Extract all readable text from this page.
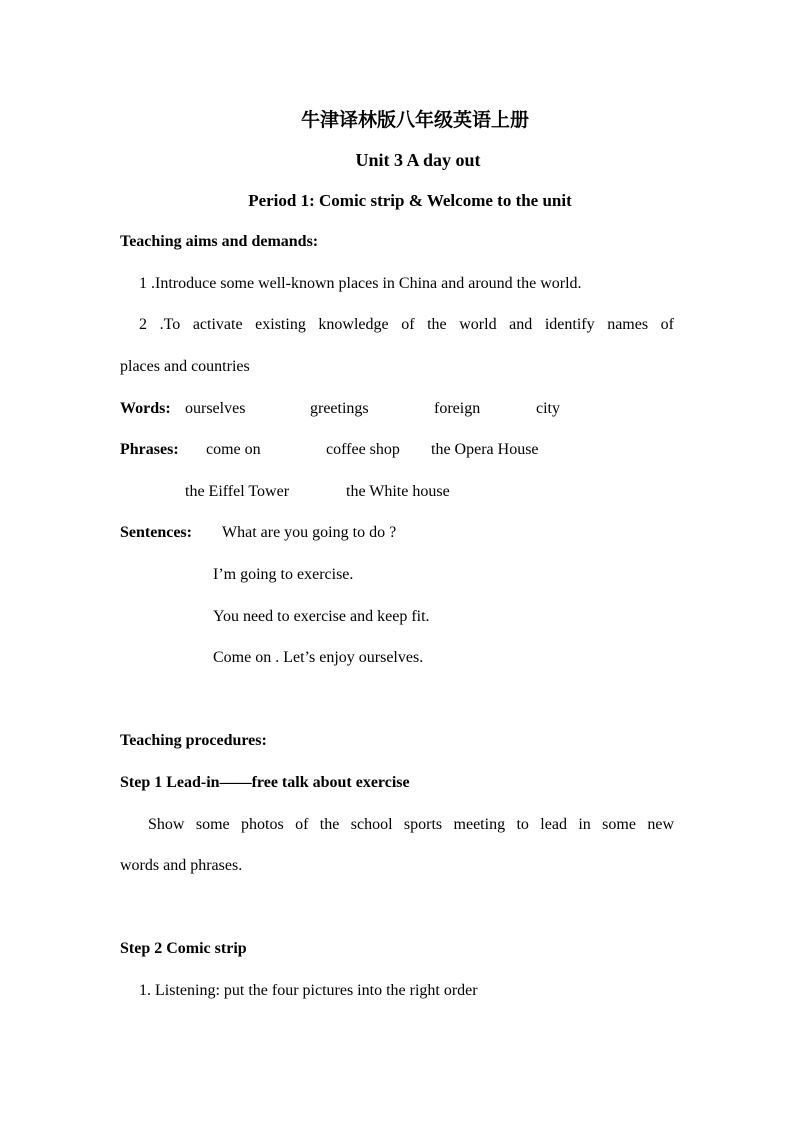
牛津译林版八年级英语上册
Unit 3 A day out
Period 1: Comic strip & Welcome to the unit
Teaching aims and demands:
1 .Introduce some well-known places in China and around the world.
2 .To activate existing knowledge of the world and identify names of
places and countries
Words: ourselves	greetings	foreign	city
Phrases: come on	coffee shop the Opera House
the Eiffel Tower	the White house
Sentences: What are you going to do ?
I’m going to exercise.
You need to exercise and keep fit.
Come on . Let’s enjoy ourselves.
Teaching procedures:
Step 1 Lead-in——free talk about exercise
Show some photos of the school sports meeting to lead in some new
words and phrases.
Step 2 Comic strip
1. Listening: put the four pictures into the right order
